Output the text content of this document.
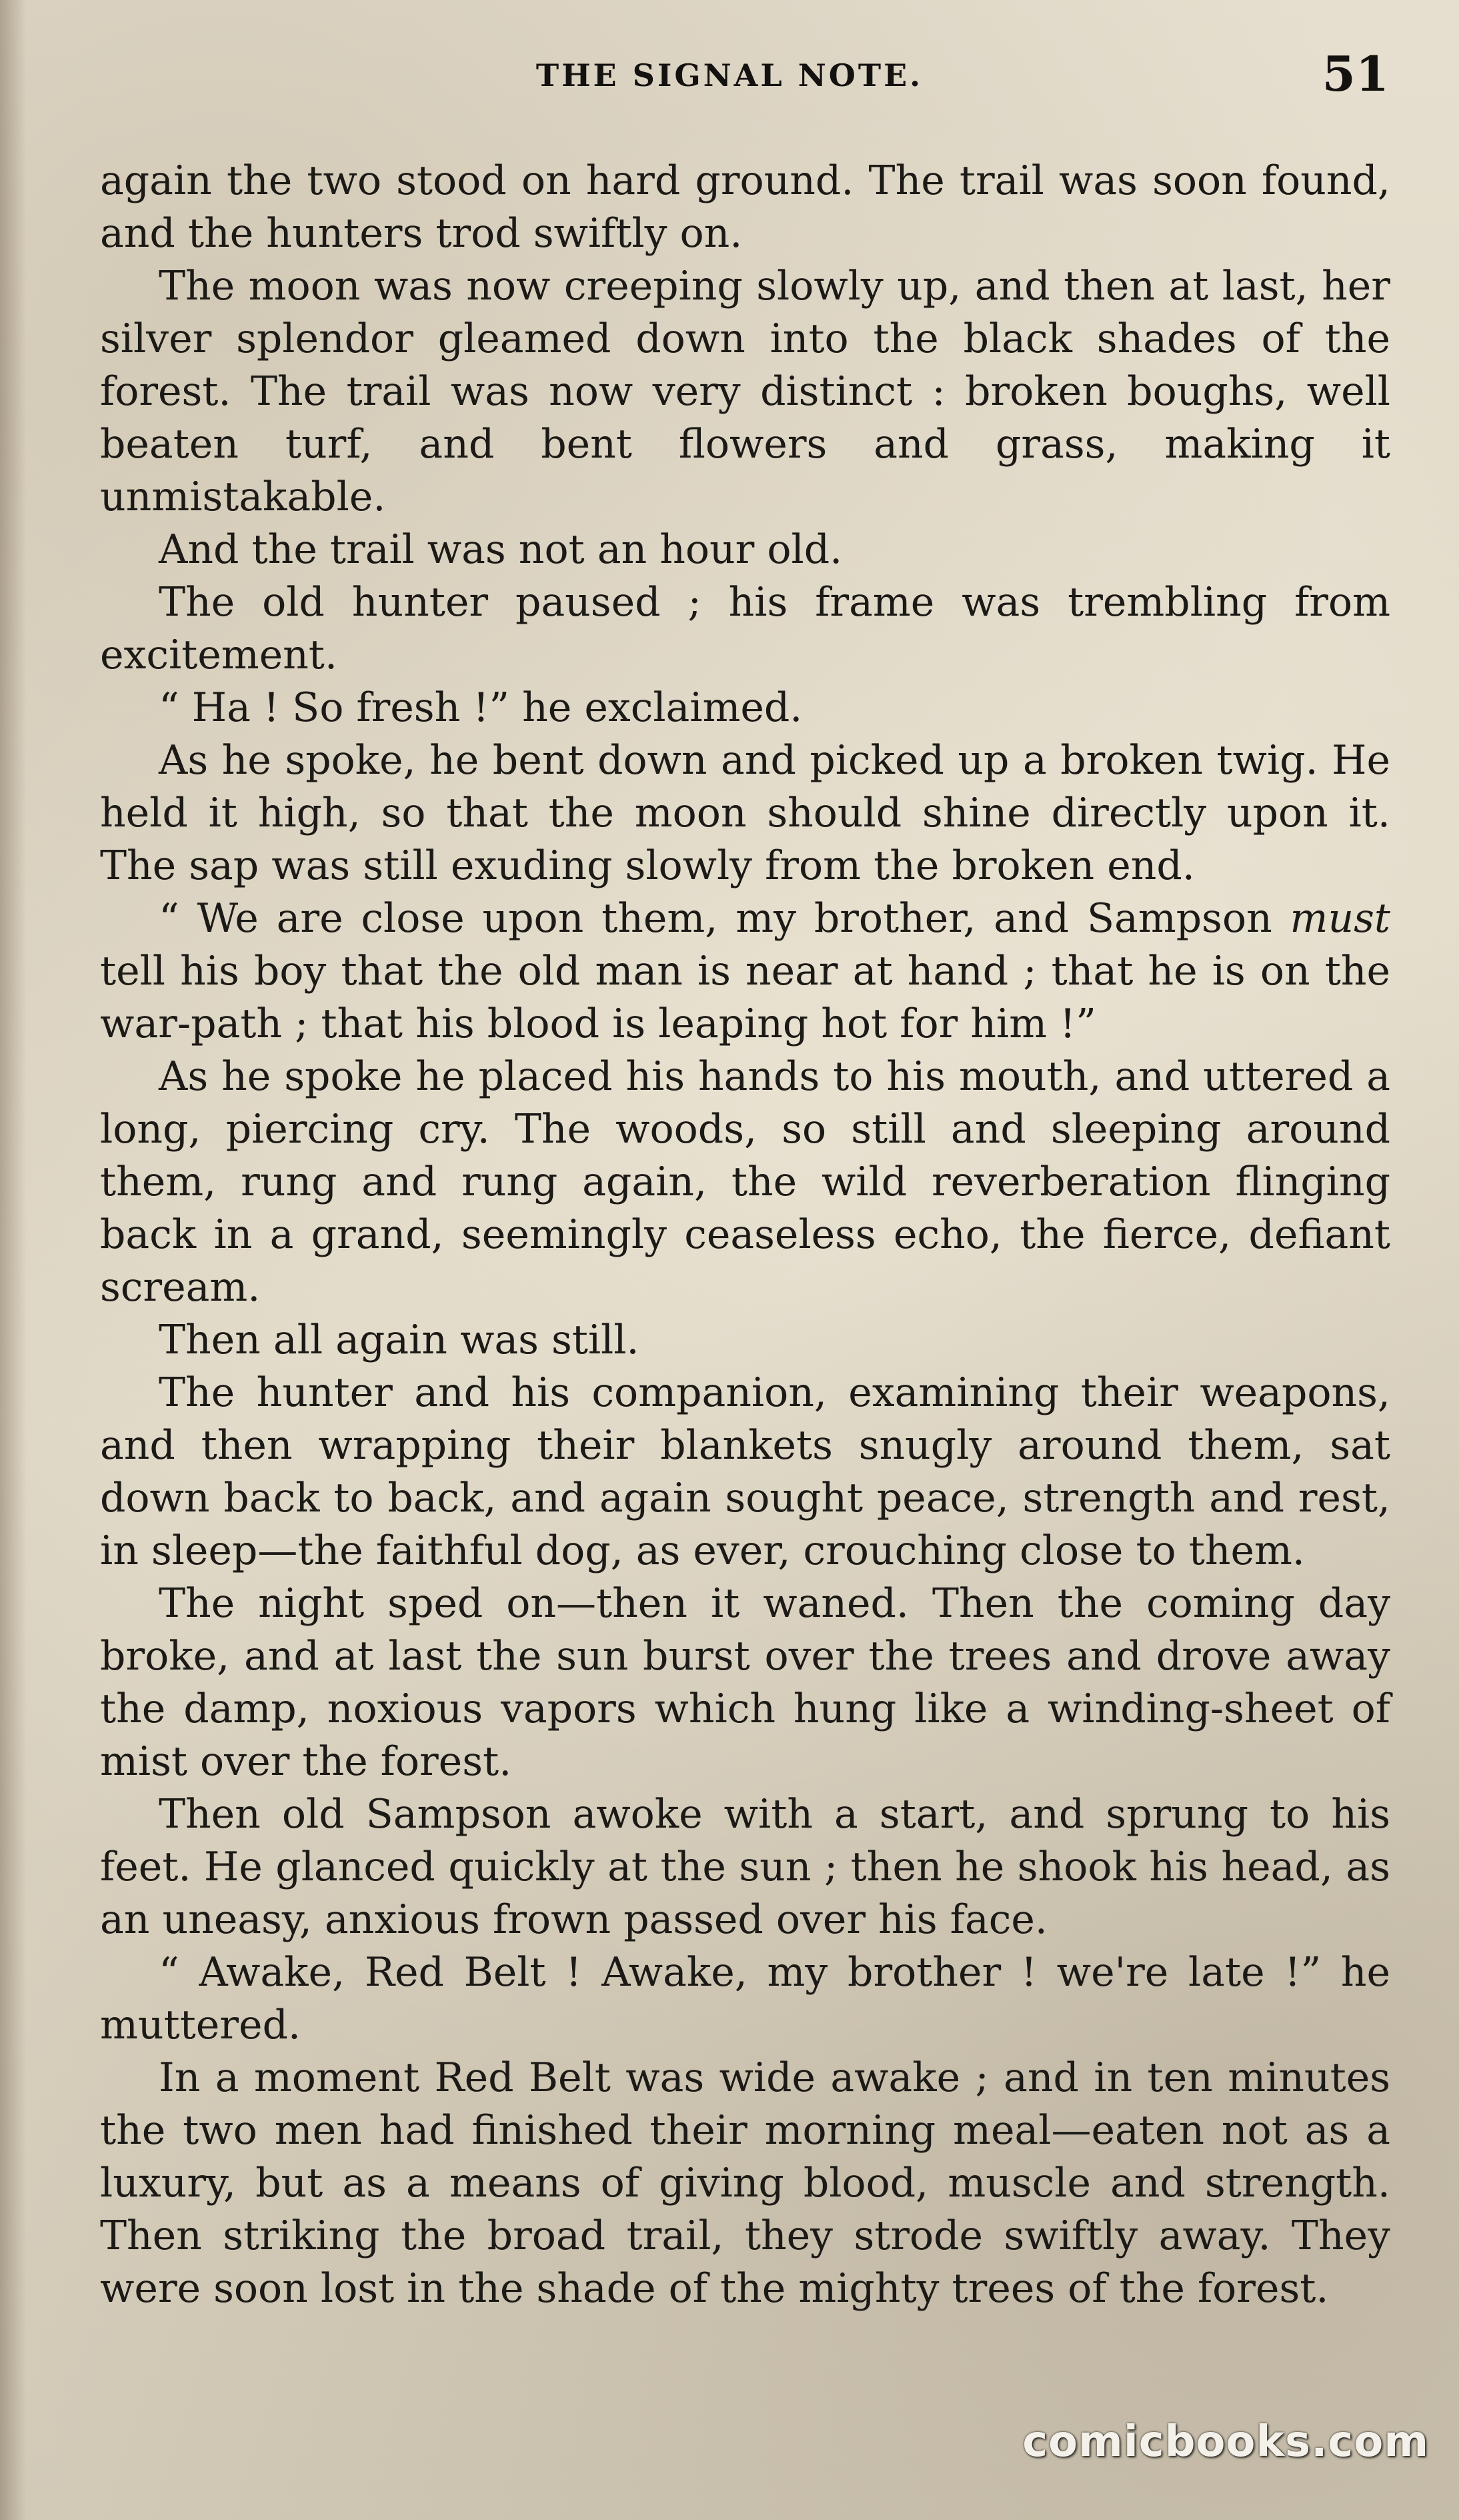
THE SIGNAL NOTE.	51

again the two stood on hard ground. The trail was soon found, and the hunters trod swiftly on.

The moon was now creeping slowly up, and then at last, her silver splendor gleamed down into the black shades of the forest. The trail was now very distinct : broken boughs, well beaten turf, and bent flowers and grass, making it unmistakable.

And the trail was not an hour old.

The old hunter paused ; his frame was trembling from excitement.

“ Ha ! So fresh !” he exclaimed.

As he spoke, he bent down and picked up a broken twig. He held it high, so that the moon should shine directly upon it. The sap was still exuding slowly from the broken end.

“ We are close upon them, my brother, and Sampson must tell his boy that the old man is near at hand ; that he is on the war-path ; that his blood is leaping hot for him !”

As he spoke he placed his hands to his mouth, and uttered a long, piercing cry. The woods, so still and sleeping around them, rung and rung again, the wild reverberation flinging back in a grand, seemingly ceaseless echo, the fierce, defiant scream.

Then all again was still.

The hunter and his companion, examining their weapons, and then wrapping their blankets snugly around them, sat down back to back, and again sought peace, strength and rest, in sleep—the faithful dog, as ever, crouching close to them.

The night sped on—then it waned. Then the coming day broke, and at last the sun burst over the trees and drove away the damp, noxious vapors which hung like a winding-sheet of mist over the forest.

Then old Sampson awoke with a start, and sprung to his feet. He glanced quickly at the sun ; then he shook his head, as an uneasy, anxious frown passed over his face.

“ Awake, Red Belt ! Awake, my brother ! we're late !” he muttered.

In a moment Red Belt was wide awake ; and in ten minutes the two men had finished their morning meal—eaten not as a luxury, but as a means of giving blood, muscle and strength. Then striking the broad trail, they strode swiftly away. They were soon lost in the shade of the mighty trees of the forest.

comicbooks.com
